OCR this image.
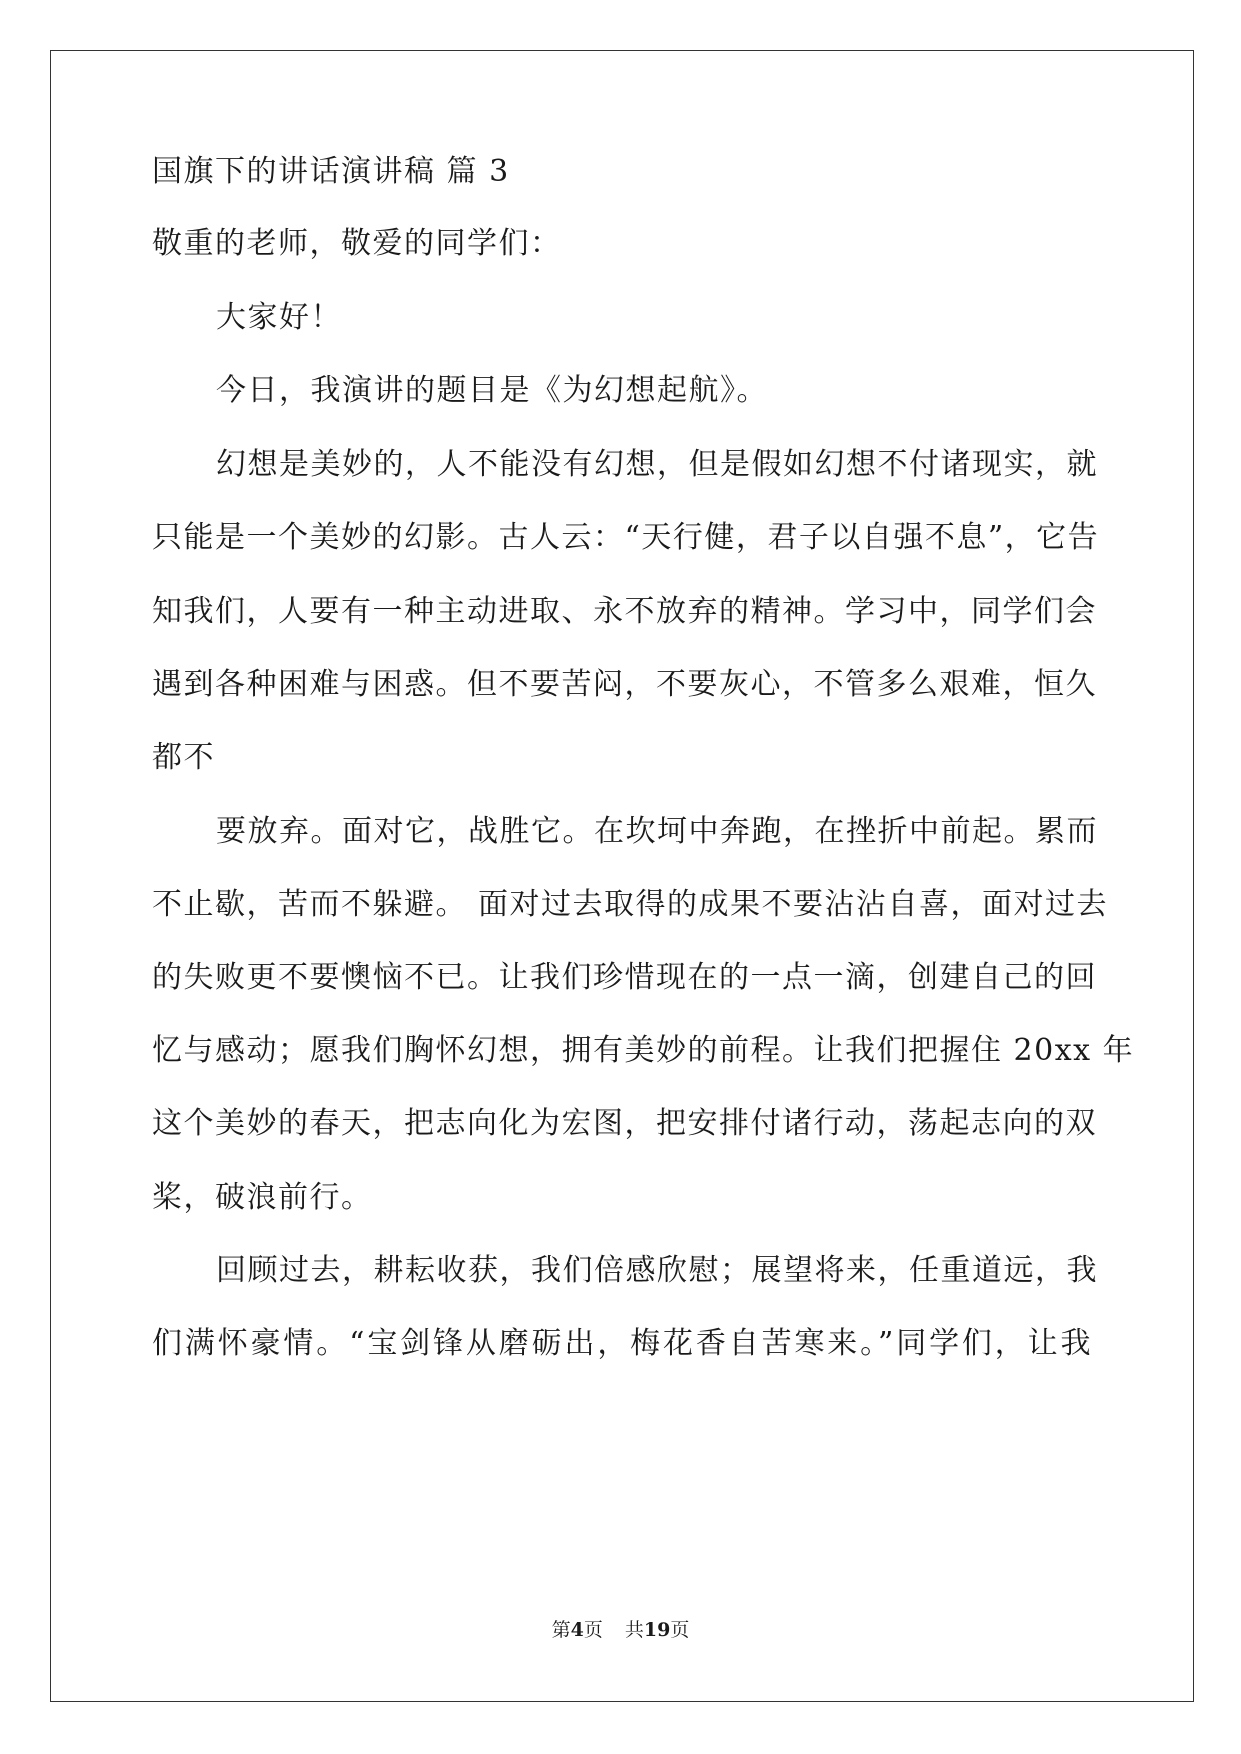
国旗下的讲话演讲稿 篇 3
敬重的老师，敬爱的同学们：
大家好！
今日，我演讲的题目是《为幻想起航》。
幻想是美妙的，人不能没有幻想，但是假如幻想不付诸现实，就
只能是一个美妙的幻影。古人云：“天行健，君子以自强不息”，它告
知我们，人要有一种主动进取、永不放弃的精神。学习中，同学们会
遇到各种困难与困惑。但不要苦闷，不要灰心，不管多么艰难，恒久
都不
要放弃。面对它，战胜它。在坎坷中奔跑，在挫折中前起。累而
不止歇，苦而不躲避。 面对过去取得的成果不要沾沾自喜，面对过去
的失败更不要懊恼不已。让我们珍惜现在的一点一滴，创建自己的回
忆与感动；愿我们胸怀幻想，拥有美妙的前程。让我们把握住 20xx 年
这个美妙的春天，把志向化为宏图，把安排付诸行动，荡起志向的双
桨，破浪前行。
回顾过去，耕耘收获，我们倍感欣慰；展望将来，任重道远，我
们满怀豪情。“宝剑锋从磨砺出，梅花香自苦寒来。”同学们，让我
第4页 共19页
